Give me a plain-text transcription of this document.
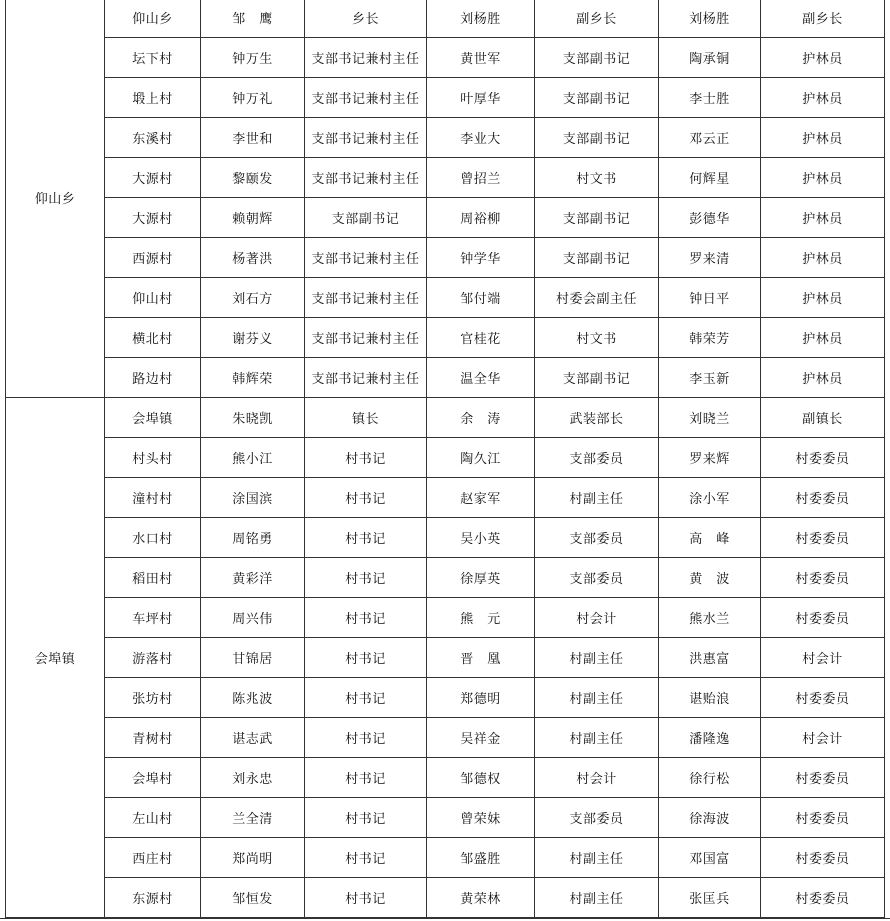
仰山乡	仰山乡	邹　鹰	乡长	刘杨胜	副乡长	刘杨胜	副乡长
	坛下村	钟万生	支部书记兼村主任	黄世军	支部副书记	陶承铜	护林员
	塅上村	钟万礼	支部书记兼村主任	叶厚华	支部副书记	李士胜	护林员
	东溪村	李世和	支部书记兼村主任	李业大	支部副书记	邓云正	护林员
	大源村	黎颐发	支部书记兼村主任	曾招兰	村文书	何辉星	护林员
	大源村	赖朝辉	支部副书记	周裕柳	支部副书记	彭德华	护林员
	西源村	杨著洪	支部书记兼村主任	钟学华	支部副书记	罗来清	护林员
	仰山村	刘石方	支部书记兼村主任	邹付端	村委会副主任	钟日平	护林员
	横北村	谢芬义	支部书记兼村主任	官桂花	村文书	韩荣芳	护林员
	路边村	韩辉荣	支部书记兼村主任	温全华	支部副书记	李玉新	护林员
会埠镇	会埠镇	朱晓凯	镇长	余　涛	武装部长	刘晓兰	副镇长
	村头村	熊小江	村书记	陶久江	支部委员	罗来辉	村委委员
	潼村村	涂国滨	村书记	赵家军	村副主任	涂小军	村委委员
	水口村	周铭勇	村书记	吴小英	支部委员	高　峰	村委委员
	稻田村	黄彩洋	村书记	徐厚英	支部委员	黄　波	村委委员
	车坪村	周兴伟	村书记	熊　元	村会计	熊水兰	村委委员
	游落村	甘锦居	村书记	晋　凰	村副主任	洪惠富	村会计
	张坊村	陈兆波	村书记	郑德明	村副主任	谌贻浪	村委委员
	青树村	谌志武	村书记	吴祥金	村副主任	潘隆逸	村会计
	会埠村	刘永忠	村书记	邹德权	村会计	徐行松	村委委员
	左山村	兰全清	村书记	曾荣妹	支部委员	徐海波	村委委员
	西庄村	郑尚明	村书记	邹盛胜	村副主任	邓国富	村委委员
	东源村	邹恒发	村书记	黄荣林	村副主任	张匡兵	村委委员
